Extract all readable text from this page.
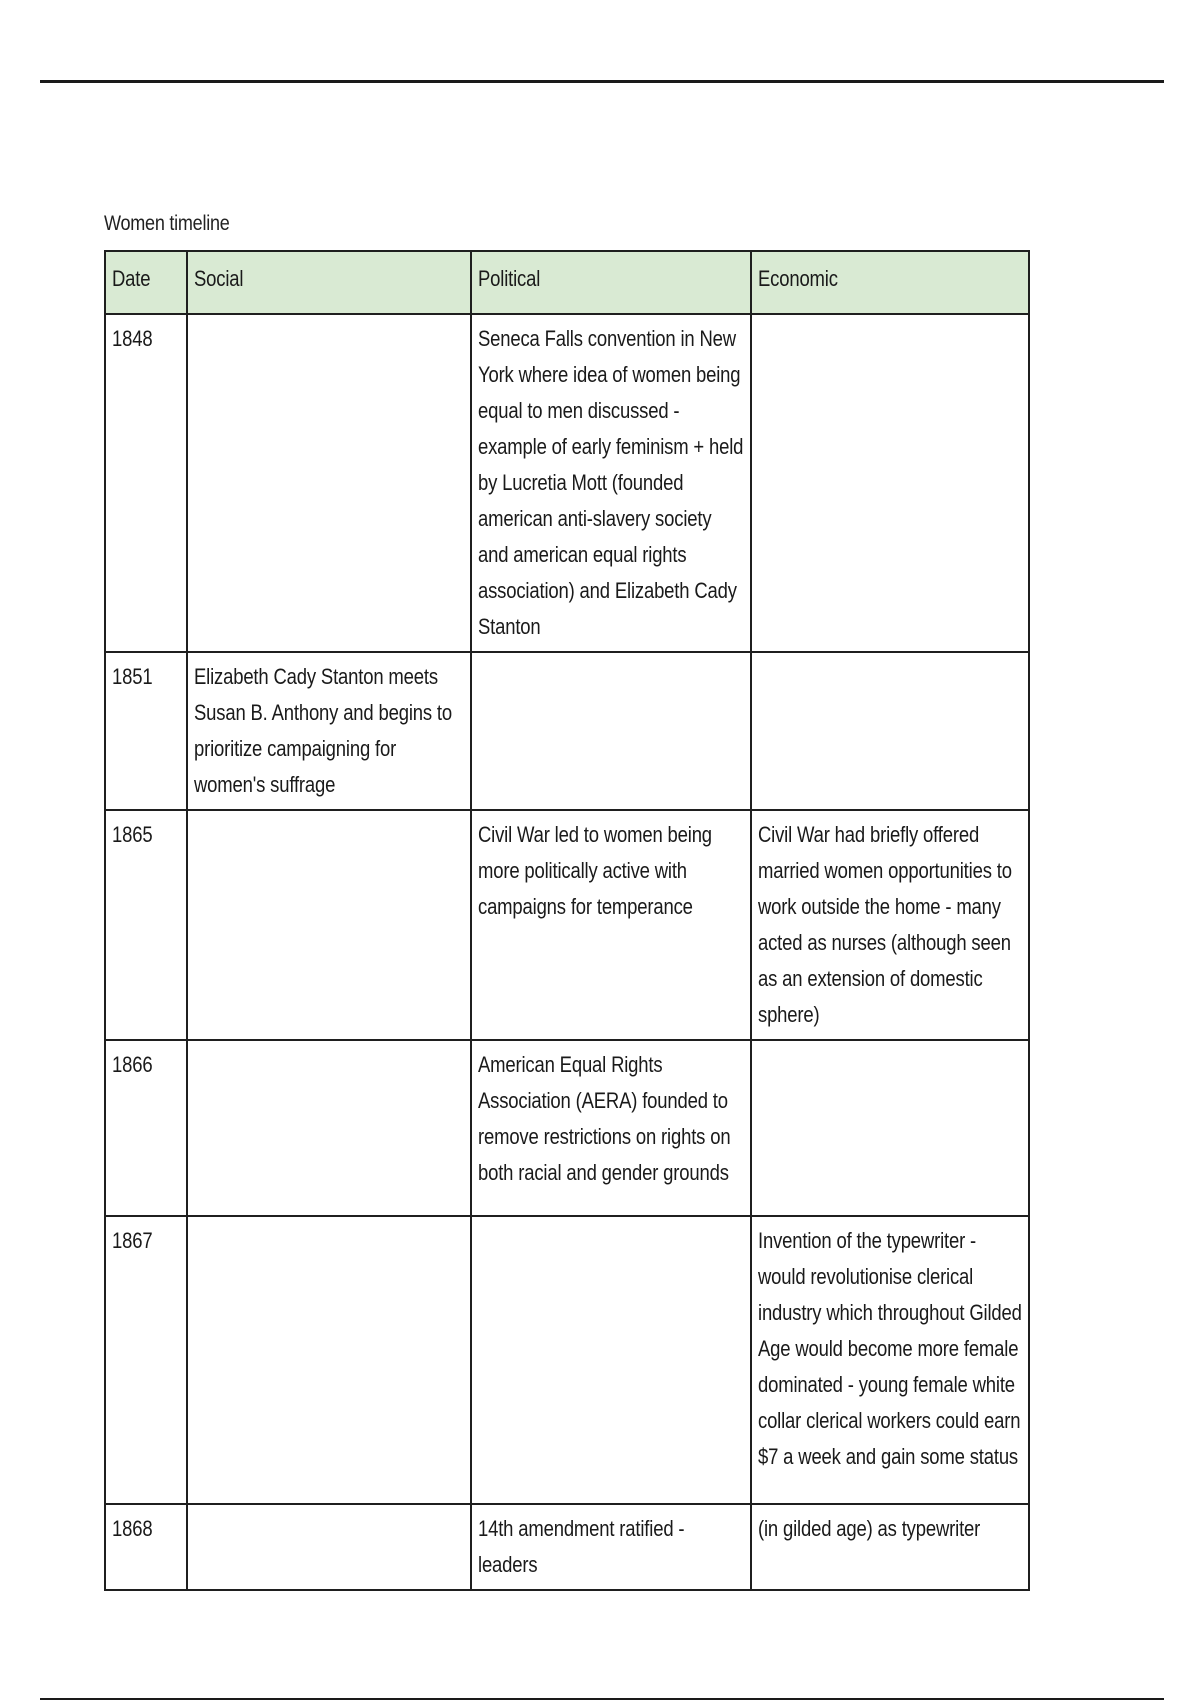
Women timeline
Date	Social	Political	Economic

1848		Seneca Falls convention in New York where idea of women being equal to men discussed - example of early feminism + held by Lucretia Mott (founded american anti-slavery society and american equal rights association) and Elizabeth Cady Stanton	

1851	Elizabeth Cady Stanton meets Susan B. Anthony and begins to prioritize campaigning for women's suffrage		

1865		Civil War led to women being more politically active with campaigns for temperance	Civil War had briefly offered married women opportunities to work outside the home - many acted as nurses (although seen as an extension of domestic sphere)

1866		American Equal Rights Association (AERA) founded to remove restrictions on rights on both racial and gender grounds	

1867			Invention of the typewriter - would revolutionise clerical industry which throughout Gilded Age would become more female dominated - young female white collar clerical workers could earn $7 a week and gain some status

1868		14th amendment ratified - leaders	(in gilded age) as typewriter
